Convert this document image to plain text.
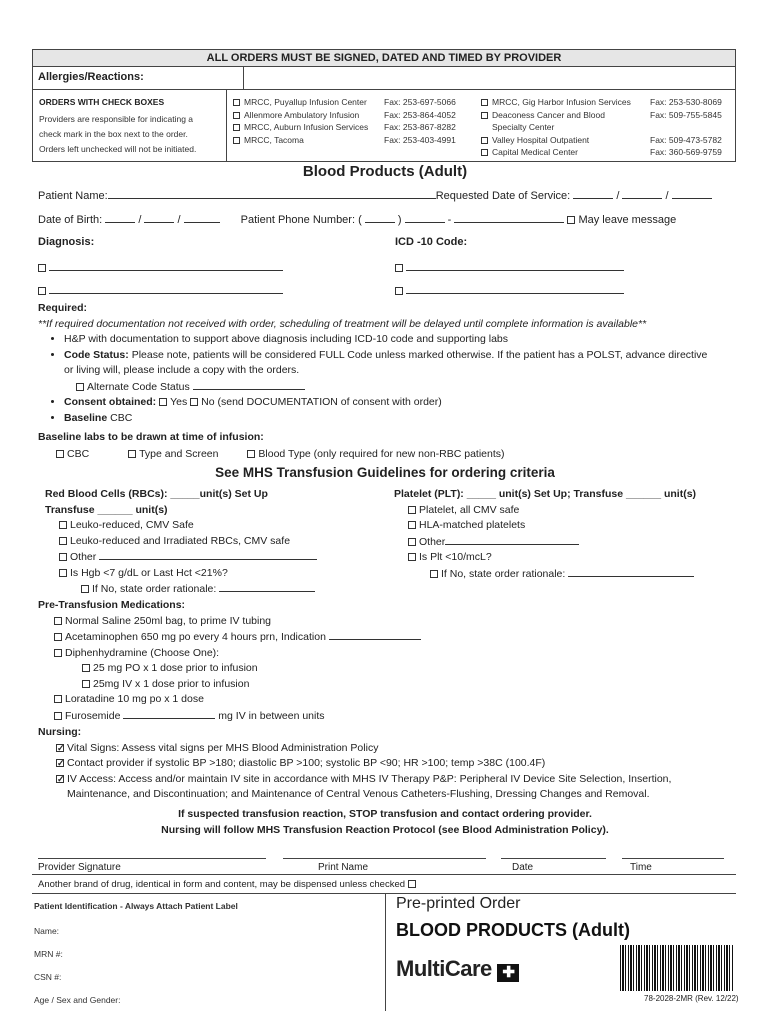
ALL ORDERS MUST BE SIGNED, DATED AND TIMED BY PROVIDER
Allergies/Reactions:
ORDERS WITH CHECK BOXES
Providers are responsible for indicating a
check mark in the box next to the order.
Orders left unchecked will not be initiated.
MRCC, Puyallup Infusion Center Fax: 253-697-5066
Allenmore Ambulatory Infusion	Fax: 253-864-4052
MRCC, Auburn Infusion Services Fax: 253-867-8282
MRCC, Tacoma	Fax: 253-403-4991
MRCC, Gig Harbor Infusion Services Fax: 253-530-8069
Deaconess Cancer and Blood	Fax: 509-755-5845
Specialty Center
Valley Hospital Outpatient	Fax: 509-473-5782
Capital Medical Center	Fax: 360-569-9759
Blood Products (Adult)
Patient Name:	Requested Date of Service:	/	/
Date of Birth:	/	/	Patient Phone Number: (	)	-	May leave message
Diagnosis:	ICD -10 Code:
Required:
**If required documentation not received with order, scheduling of treatment will be delayed until complete information is available**
• H&P with documentation to support above diagnosis including ICD-10 code and supporting labs
• Code Status: Please note, patients will be considered FULL Code unless marked otherwise. If the patient has a POLST, advance directive
or living will, please include a copy with the orders.
Alternate Code Status
• Consent obtained: Yes No (send DOCUMENTATION of consent with order)
• Baseline CBC
Baseline labs to be drawn at time of infusion:
CBC	Type and Screen	Blood Type (only required for new non-RBC patients)
See MHS Transfusion Guidelines for ordering criteria
Red Blood Cells (RBCs): _____unit(s) Set Up
Transfuse ______ unit(s)
Leuko-reduced, CMV Safe
Leuko-reduced and Irradiated RBCs, CMV safe
Other
Is Hgb <7 g/dL or Last Hct <21%?
If No, state order rationale:
Platelet (PLT): _____ unit(s) Set Up; Transfuse ______ unit(s)
Platelet, all CMV safe
HLA-matched platelets
Other
Is Plt <10/mcL?
If No, state order rationale:
Pre-Transfusion Medications:
Normal Saline 250ml bag, to prime IV tubing
Acetaminophen 650 mg po every 4 hours prn, Indication
Diphenhydramine (Choose One):
25 mg PO x 1 dose prior to infusion
25mg IV x 1 dose prior to infusion
Loratadine 10 mg po x 1 dose
Furosemide	mg IV in between units
Nursing:
✓Vital Signs: Assess vital signs per MHS Blood Administration Policy
✓Contact provider if systolic BP >180; diastolic BP >100; systolic BP <90; HR >100; temp >38C (100.4F)
✓IV Access: Access and/or maintain IV site in accordance with MHS IV Therapy P&P: Peripheral IV Device Site Selection, Insertion,
Maintenance, and Discontinuation; and Maintenance of Central Venous Catheters-Flushing, Dressing Changes and Removal.
If suspected transfusion reaction, STOP transfusion and contact ordering provider.
Nursing will follow MHS Transfusion Reaction Protocol (see Blood Administration Policy).
Provider Signature	Print Name	Date	Time
Another brand of drug, identical in form and content, may be dispensed unless checked
Patient Identification - Always Attach Patient Label
Name:
MRN #:
CSN #:
Age / Sex and Gender:
Pre-printed Order
BLOOD PRODUCTS (Adult)
MultiCare ✚
78-2028-2MR (Rev. 12/22)
